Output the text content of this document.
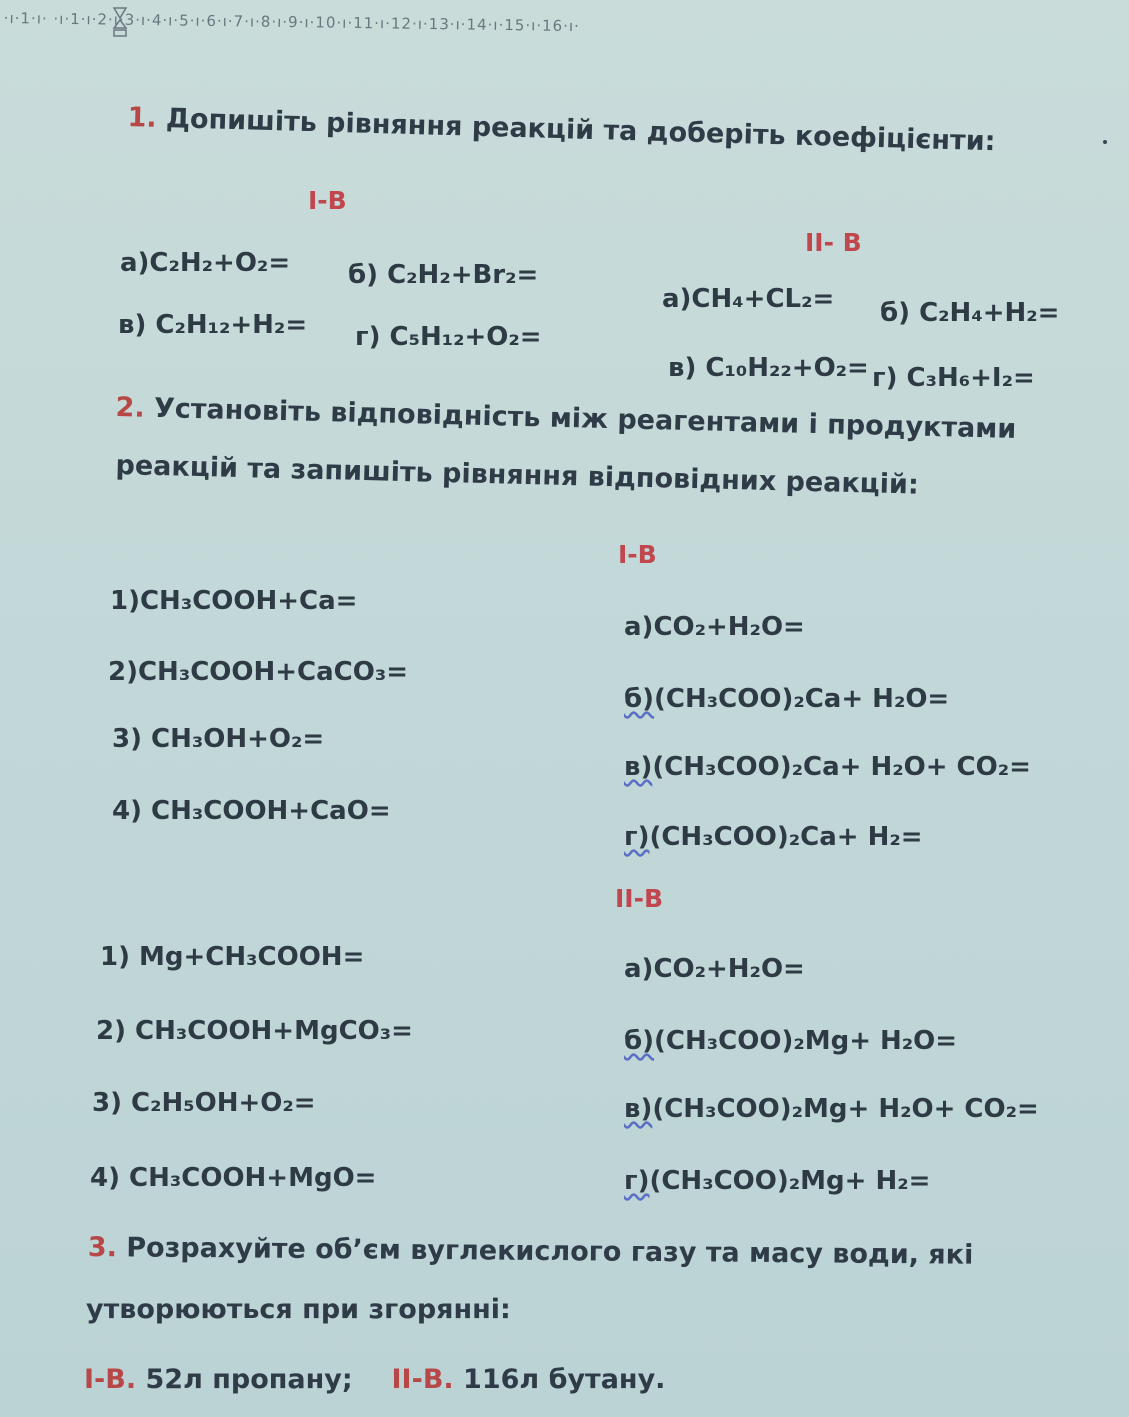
·ı·1·ı· ·ı·1·ı·2·ı·3·ı·4·ı·5·ı·6·ı·7·ı·8·ı·9·ı·10·ı·11·ı·12·ı·13·ı·14·ı·15·ı·16·ı·
1. Допишіть рівняння реакцій та доберіть коефіцієнти:
І-В
ІІ- В
а)C₂H₂+O₂= б) C₂H₂+Br₂=
в) C₂H₁₂+H₂= г) C₅H₁₂+O₂=
а)CH₄+CL₂= б) C₂H₄+H₂=
в) C₁₀H₂₂+O₂= г) C₃H₆+I₂=
2. Установіть відповідність між реагентами і продуктами
реакцій та запишіть рівняння відповідних реакцій:
І-В
1)CH₃COOH+Ca=
2)CH₃COOH+CaCO₃=
3) CH₃OH+O₂=
4) CH₃COOH+CaO=
а)CO₂+H₂O=
б)(CH₃COO)₂Ca+ H₂O=
в)(CH₃COO)₂Ca+ H₂O+ CO₂=
г)(CH₃COO)₂Ca+ H₂=
ІІ-В
1) Mg+CH₃COOH=
2) CH₃COOH+MgCO₃=
3) C₂H₅OH+O₂=
4) CH₃COOH+MgO=
а)CO₂+H₂O=
б)(CH₃COO)₂Mg+ H₂O=
в)(CH₃COO)₂Mg+ H₂O+ CO₂=
г)(CH₃COO)₂Mg+ H₂=
3. Розрахуйте об’єм вуглекислого газу та масу води, які
утворюються при згорянні:
І-В. 52л пропану; ІІ-В. 116л бутану.
